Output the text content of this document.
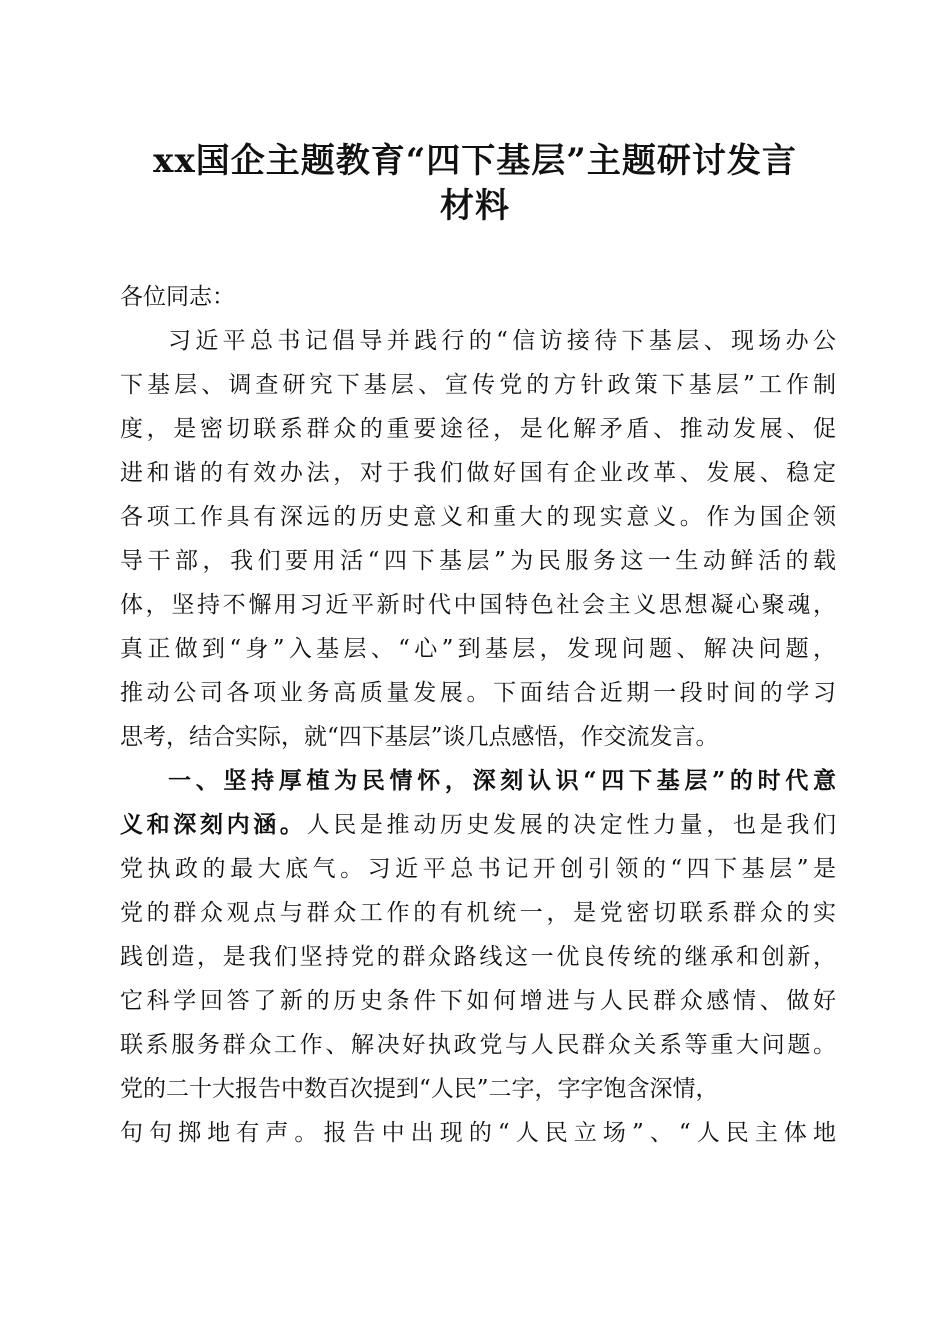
xx国企主题教育“四下基层”主题研讨发言
材料
各位同志：
习近平总书记倡导并践行的“信访接待下基层、现场办公
下基层、调查研究下基层、宣传党的方针政策下基层”工作制
度，是密切联系群众的重要途径，是化解矛盾、推动发展、促
进和谐的有效办法，对于我们做好国有企业改革、发展、稳定
各项工作具有深远的历史意义和重大的现实意义。作为国企领
导干部，我们要用活“四下基层”为民服务这一生动鲜活的载
体，坚持不懈用习近平新时代中国特色社会主义思想凝心聚魂，
真正做到“身”入基层、“心”到基层，发现问题、解决问题，
推动公司各项业务高质量发展。下面结合近期一段时间的学习
思考，结合实际，就“四下基层”谈几点感悟，作交流发言。
一、坚持厚植为民情怀，深刻认识“四下基层”的时代意
义和深刻内涵。人民是推动历史发展的决定性力量，也是我们
党执政的最大底气。习近平总书记开创引领的“四下基层”是
党的群众观点与群众工作的有机统一，是党密切联系群众的实
践创造，是我们坚持党的群众路线这一优良传统的继承和创新，
它科学回答了新的历史条件下如何增进与人民群众感情、做好
联系服务群众工作、解决好执政党与人民群众关系等重大问题。
党的二十大报告中数百次提到“人民”二字，字字饱含深情，
句句掷地有声。报告中出现的“人民立场”、“人民主体地
